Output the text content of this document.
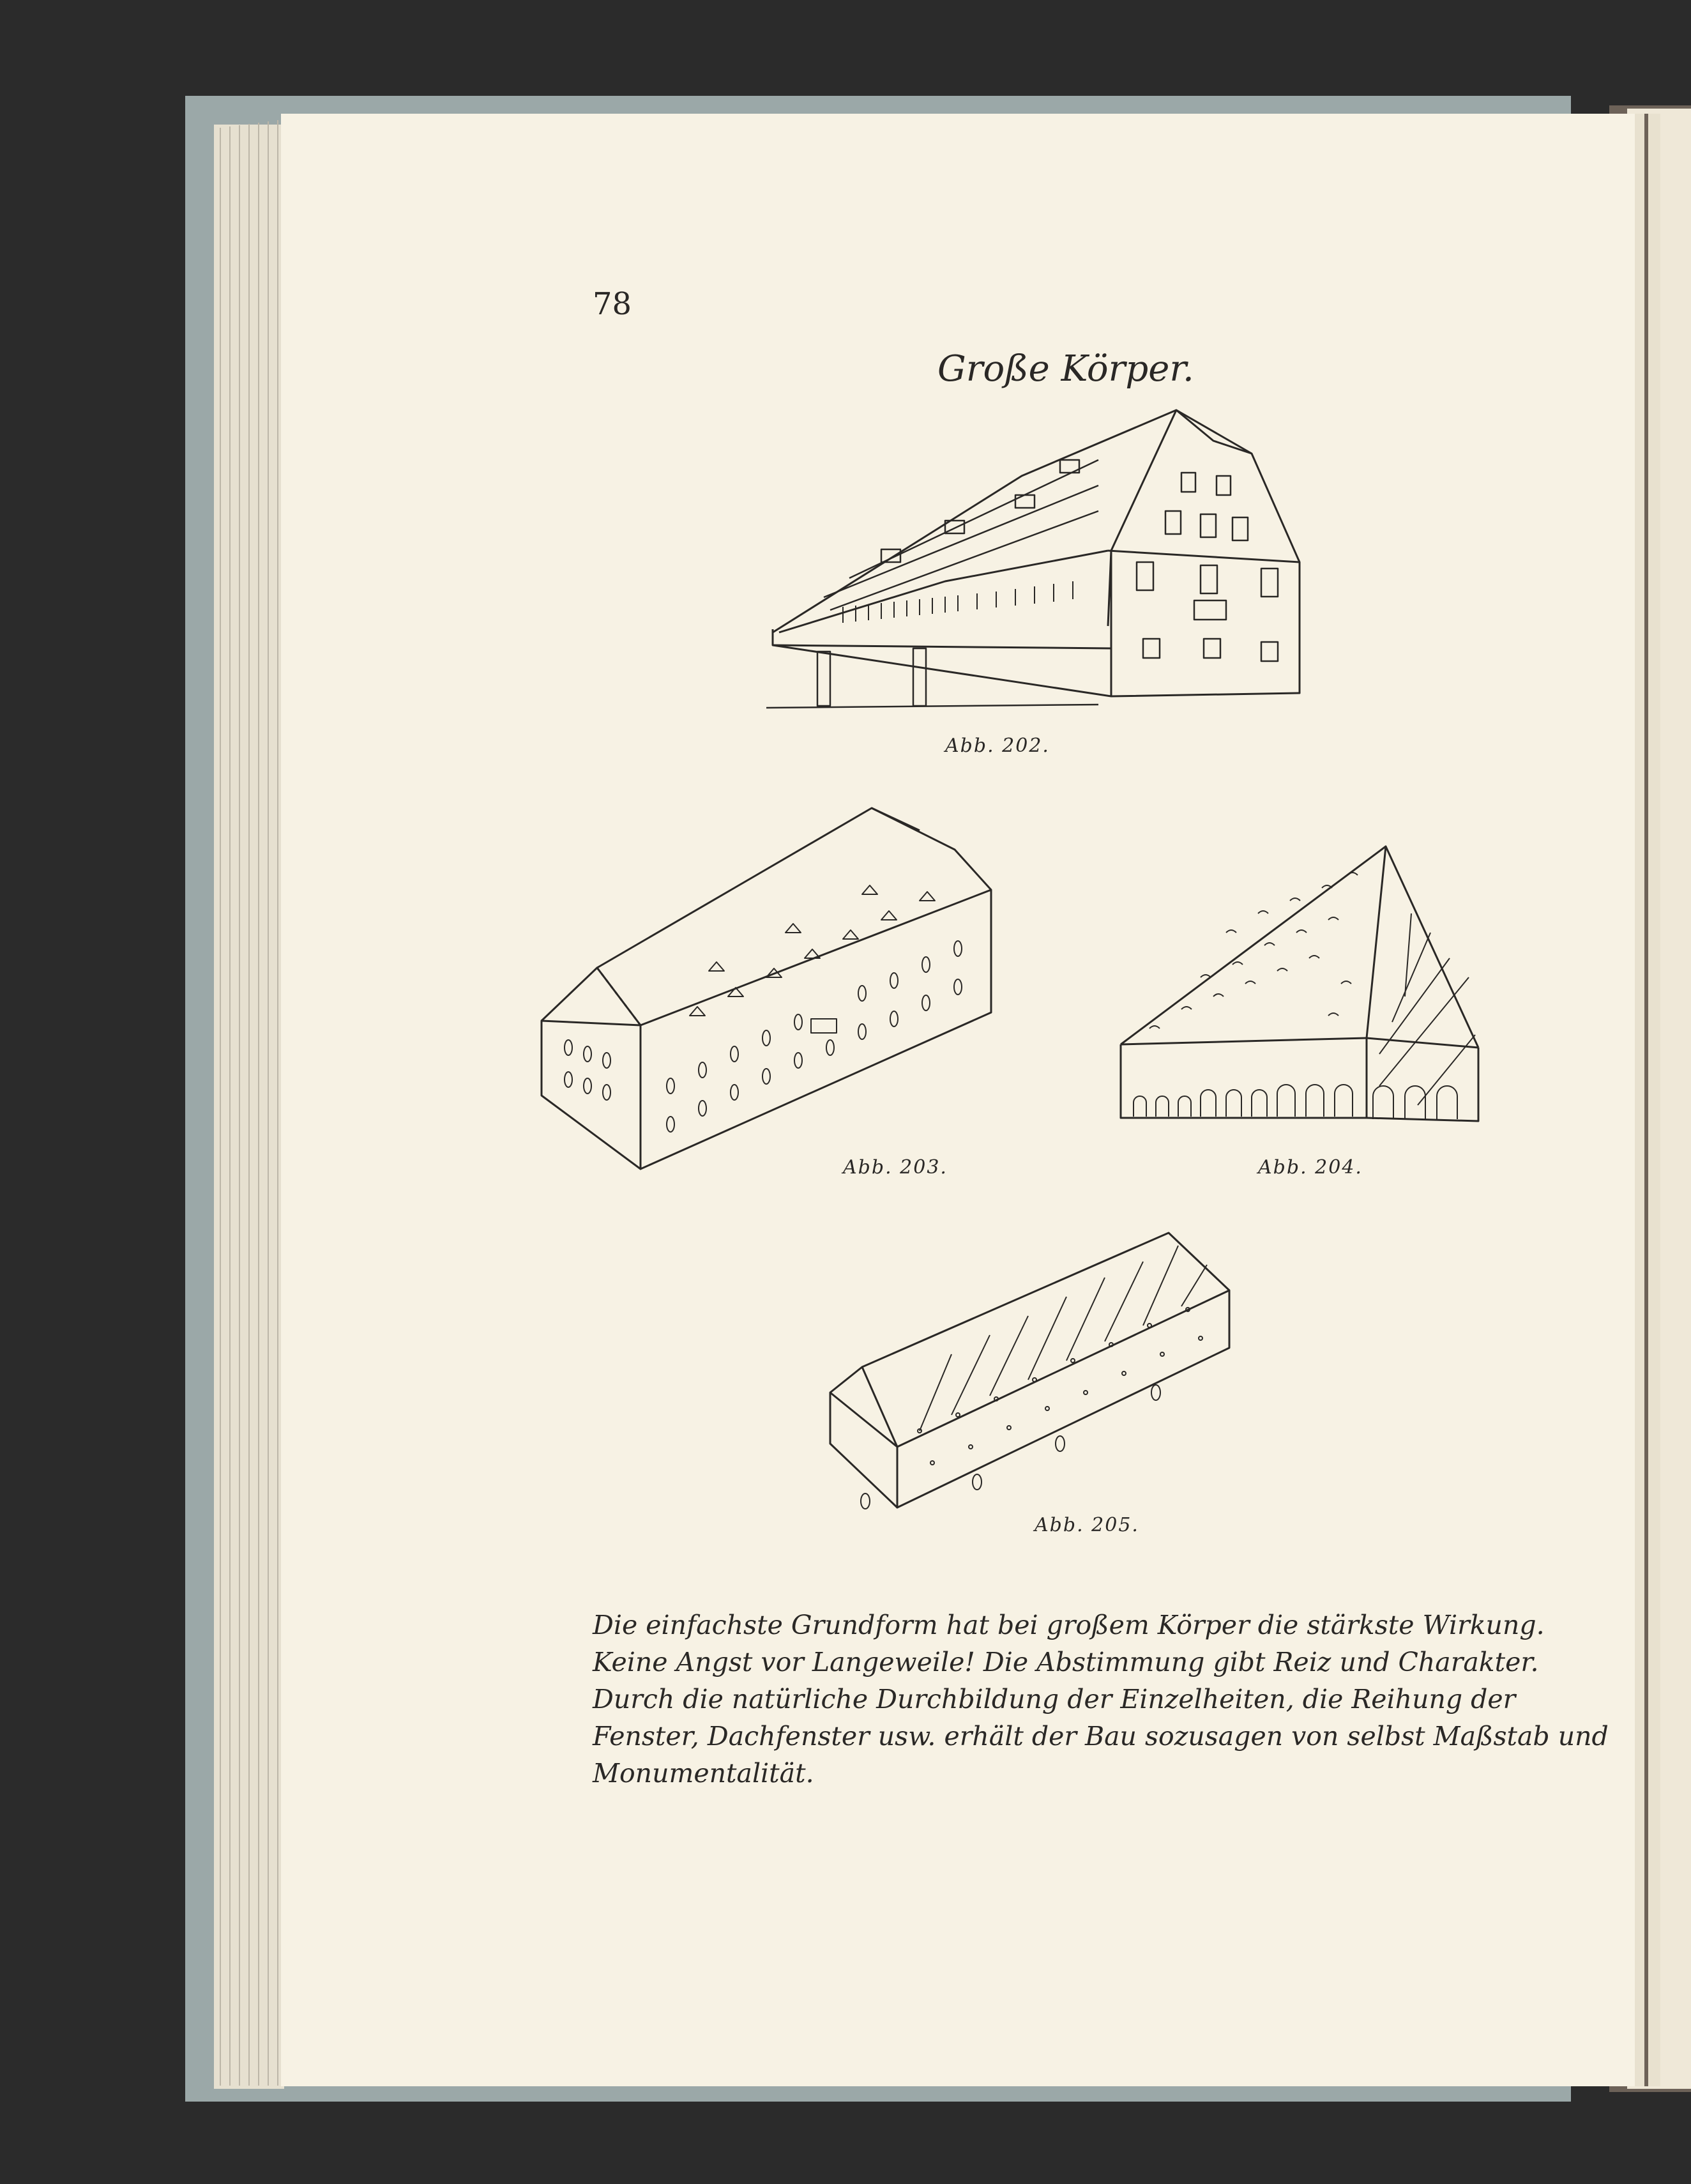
78
Große Körper.
Abb. 202.
Abb. 203.	Abb. 204.
Abb. 205.
Die einfachste Grundform hat bei großem Körper die stärkste Wirkung.
Keine Angst vor Langeweile! Die Abstimmung gibt Reiz und Charakter.
Durch die natürliche Durchbildung der Einzelheiten, die Reihung der
Fenster, Dachfenster usw. erhält der Bau sozusagen von selbst Maßstab und
Monumentalität.
